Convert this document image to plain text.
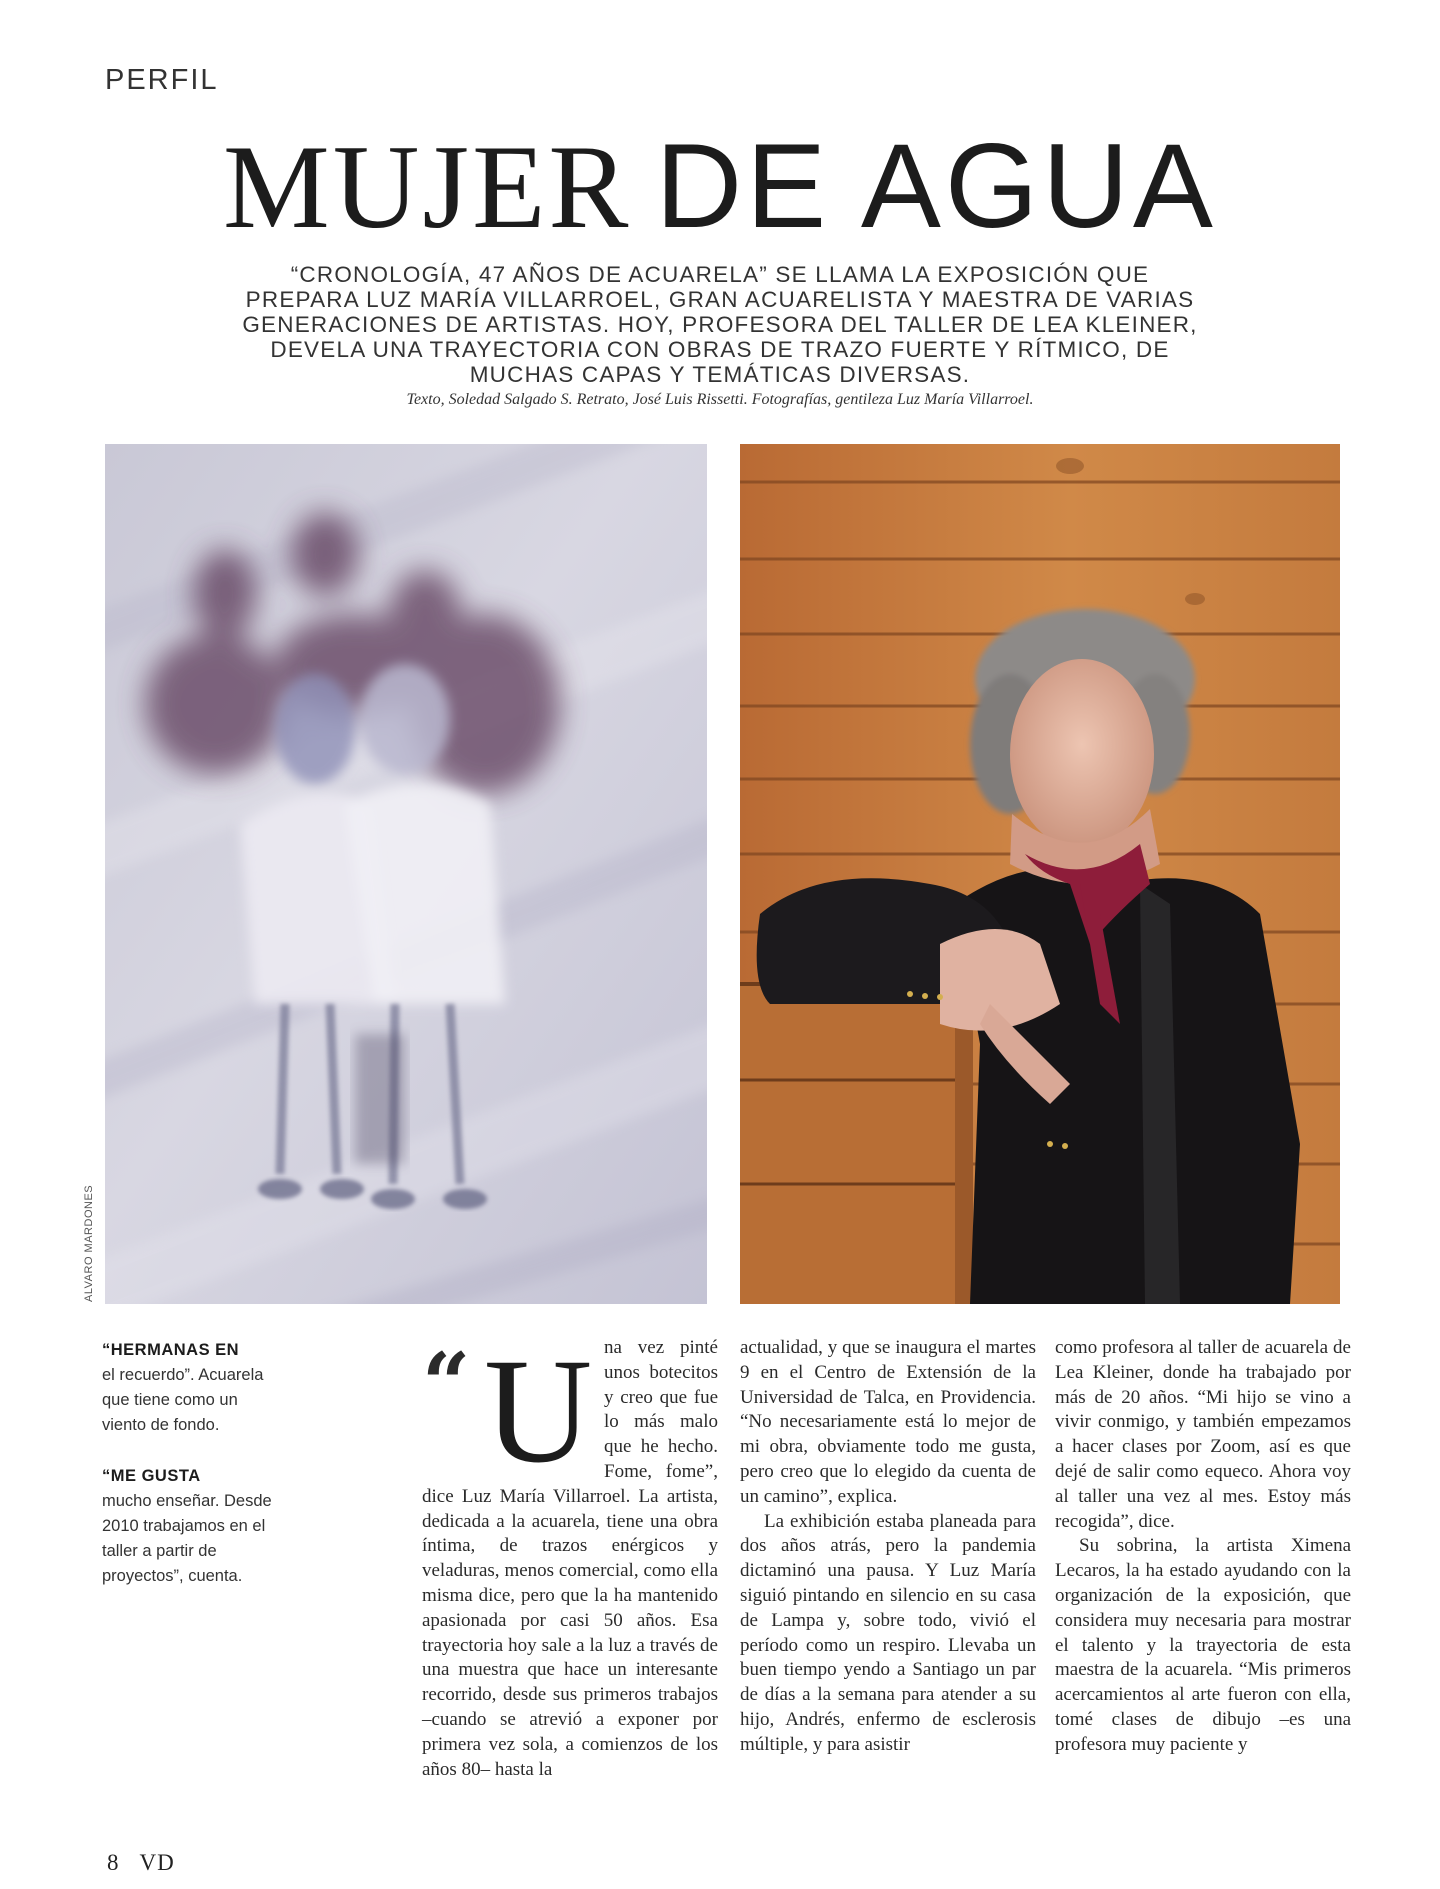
PERFIL
MUJER DE AGUA
“CRONOLOGÍA, 47 AÑOS DE ACUARELA” SE LLAMA LA EXPOSICIÓN QUE PREPARA LUZ MARÍA VILLARROEL, GRAN ACUARELISTA Y MAESTRA DE VARIAS GENERACIONES DE ARTISTAS. HOY, PROFESORA DEL TALLER DE LEA KLEINER, DEVELA UNA TRAYECTORIA CON OBRAS DE TRAZO FUERTE Y RÍTMICO, DE MUCHAS CAPAS Y TEMÁTICAS DIVERSAS.
Texto, Soledad Salgado S. Retrato, José Luis Rissetti. Fotografías, gentileza Luz María Villarroel.
ALVARO MARDONES
“HERMANAS EN
el recuerdo”. Acuarela que tiene como un viento de fondo.
“ME GUSTA
mucho enseñar. Desde 2010 trabajamos en el taller a partir de proyectos”, cuenta.
“ U na vez pinté unos botecitos y creo que fue lo más malo que he hecho. Fome, fome”, dice Luz María Villarroel. La artista, dedicada a la acuarela, tiene una obra íntima, de trazos enérgicos y veladuras, menos comercial, como ella misma dice, pero que la ha mantenido apasionada por casi 50 años. Esa trayectoria hoy sale a la luz a través de una muestra que hace un interesante recorrido, desde sus primeros trabajos –cuando se atrevió a exponer por primera vez sola, a comienzos de los años 80– hasta la

actualidad, y que se inaugura el martes 9 en el Centro de Extensión de la Universidad de Talca, en Providencia. “No necesariamente está lo mejor de mi obra, obviamente todo me gusta, pero creo que lo elegido da cuenta de un camino”, explica.

La exhibición estaba planeada para dos años atrás, pero la pandemia dictaminó una pausa. Y Luz María siguió pintando en silencio en su casa de Lampa y, sobre todo, vivió el período como un respiro. Llevaba un buen tiempo yendo a Santiago un par de días a la semana para atender a su hijo, Andrés, enfermo de esclerosis múltiple, y para asistir

como profesora al taller de acuarela de Lea Kleiner, donde ha trabajado por más de 20 años. “Mi hijo se vino a vivir conmigo, y también empezamos a hacer clases por Zoom, así es que dejé de salir como equeco. Ahora voy al taller una vez al mes. Estoy más recogida”, dice.

Su sobrina, la artista Ximena Lecaros, la ha estado ayudando con la organización de la exposición, que considera muy necesaria para mostrar el talento y la trayectoria de esta maestra de la acuarela. “Mis primeros acercamientos al arte fueron con ella, tomé clases de dibujo –es una profesora muy paciente y

8 VD
